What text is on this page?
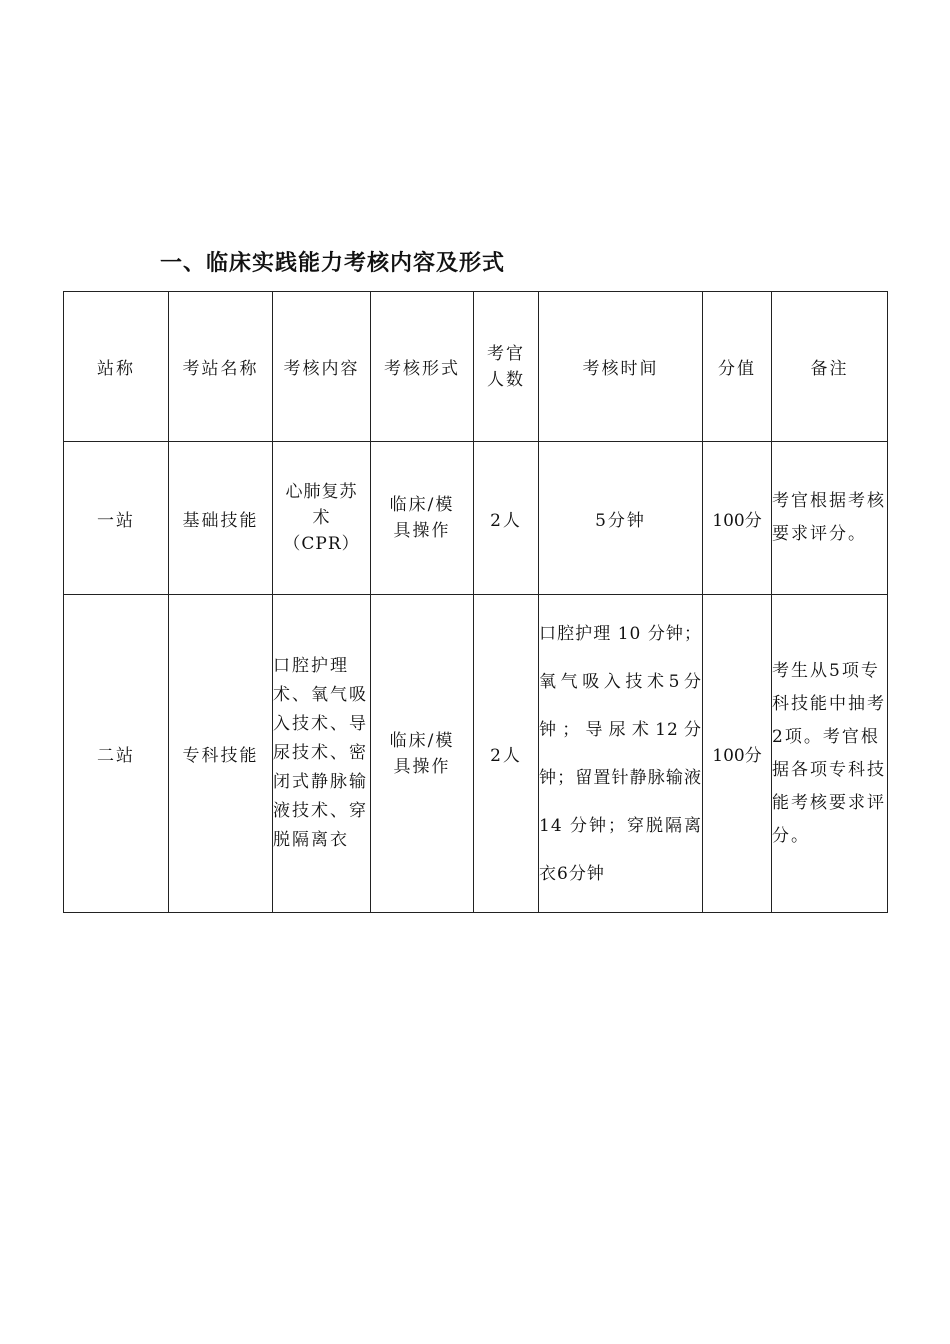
一、临床实践能力考核内容及形式
站称	考站名称	考核内容	考核形式	考官人数	考核时间	分值	备注
一站	基础技能	心肺复苏术（CPR）	临床/模具操作	2人	5分钟	100分	考官根据考核要求评分。
二站	专科技能	口腔护理术、氧气吸入技术、导尿技术、密闭式静脉输液技术、穿脱隔离衣	临床/模具操作	2人	口腔护理 10 分钟；氧气吸入技术5分钟；导尿术12分钟；留置针静脉输液 14 分钟；穿脱隔离衣6分钟	100分	考生从5项专科技能中抽考2项。考官根据各项专科技能考核要求评分。
